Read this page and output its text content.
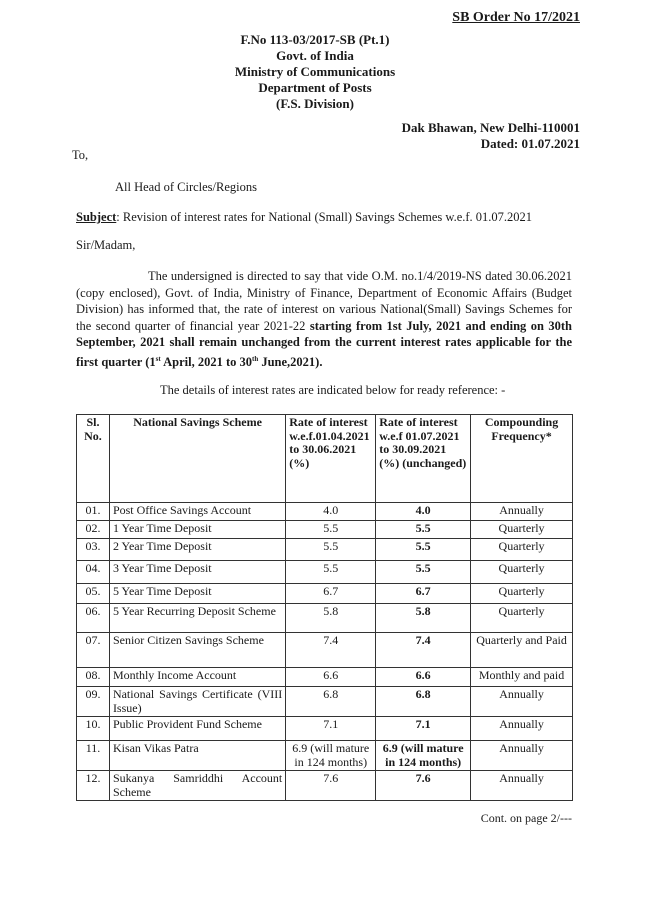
SB Order No 17/2021
F.No 113-03/2017-SB (Pt.1)
Govt. of India
Ministry of Communications
Department of Posts
(F.S. Division)
Dak Bhawan, New Delhi-110001
Dated: 01.07.2021
To,
All Head of Circles/Regions
Subject: Revision of interest rates for National (Small) Savings Schemes w.e.f. 01.07.2021
Sir/Madam,
The undersigned is directed to say that vide O.M. no.1/4/2019-NS dated 30.06.2021 (copy enclosed), Govt. of India, Ministry of Finance, Department of Economic Affairs (Budget Division) has informed that, the rate of interest on various National(Small) Savings Schemes for the second quarter of financial year 2021-22 starting from 1st July, 2021 and ending on 30th September, 2021 shall remain unchanged from the current interest rates applicable for the first quarter (1st April, 2021 to 30th June,2021).
The details of interest rates are indicated below for ready reference: -
Sl. No.	National Savings Scheme	Rate of interest w.e.f.01.04.2021 to 30.06.2021 (%)	Rate of interest w.e.f 01.07.2021 to 30.09.2021 (%) (unchanged)	Compounding Frequency*
01.	Post Office Savings Account	4.0	4.0	Annually
02.	1 Year Time Deposit	5.5	5.5	Quarterly
03.	2 Year Time Deposit	5.5	5.5	Quarterly
04.	3 Year Time Deposit	5.5	5.5	Quarterly
05.	5 Year Time Deposit	6.7	6.7	Quarterly
06.	5 Year Recurring Deposit Scheme	5.8	5.8	Quarterly
07.	Senior Citizen Savings Scheme	7.4	7.4	Quarterly and Paid
08.	Monthly Income Account	6.6	6.6	Monthly and paid
09.	National Savings Certificate (VIII Issue)	6.8	6.8	Annually
10.	Public Provident Fund Scheme	7.1	7.1	Annually
11.	Kisan Vikas Patra	6.9 (will mature in 124 months)	6.9 (will mature in 124 months)	Annually
12.	Sukanya Samriddhi Account Scheme	7.6	7.6	Annually
Cont. on page 2/---
